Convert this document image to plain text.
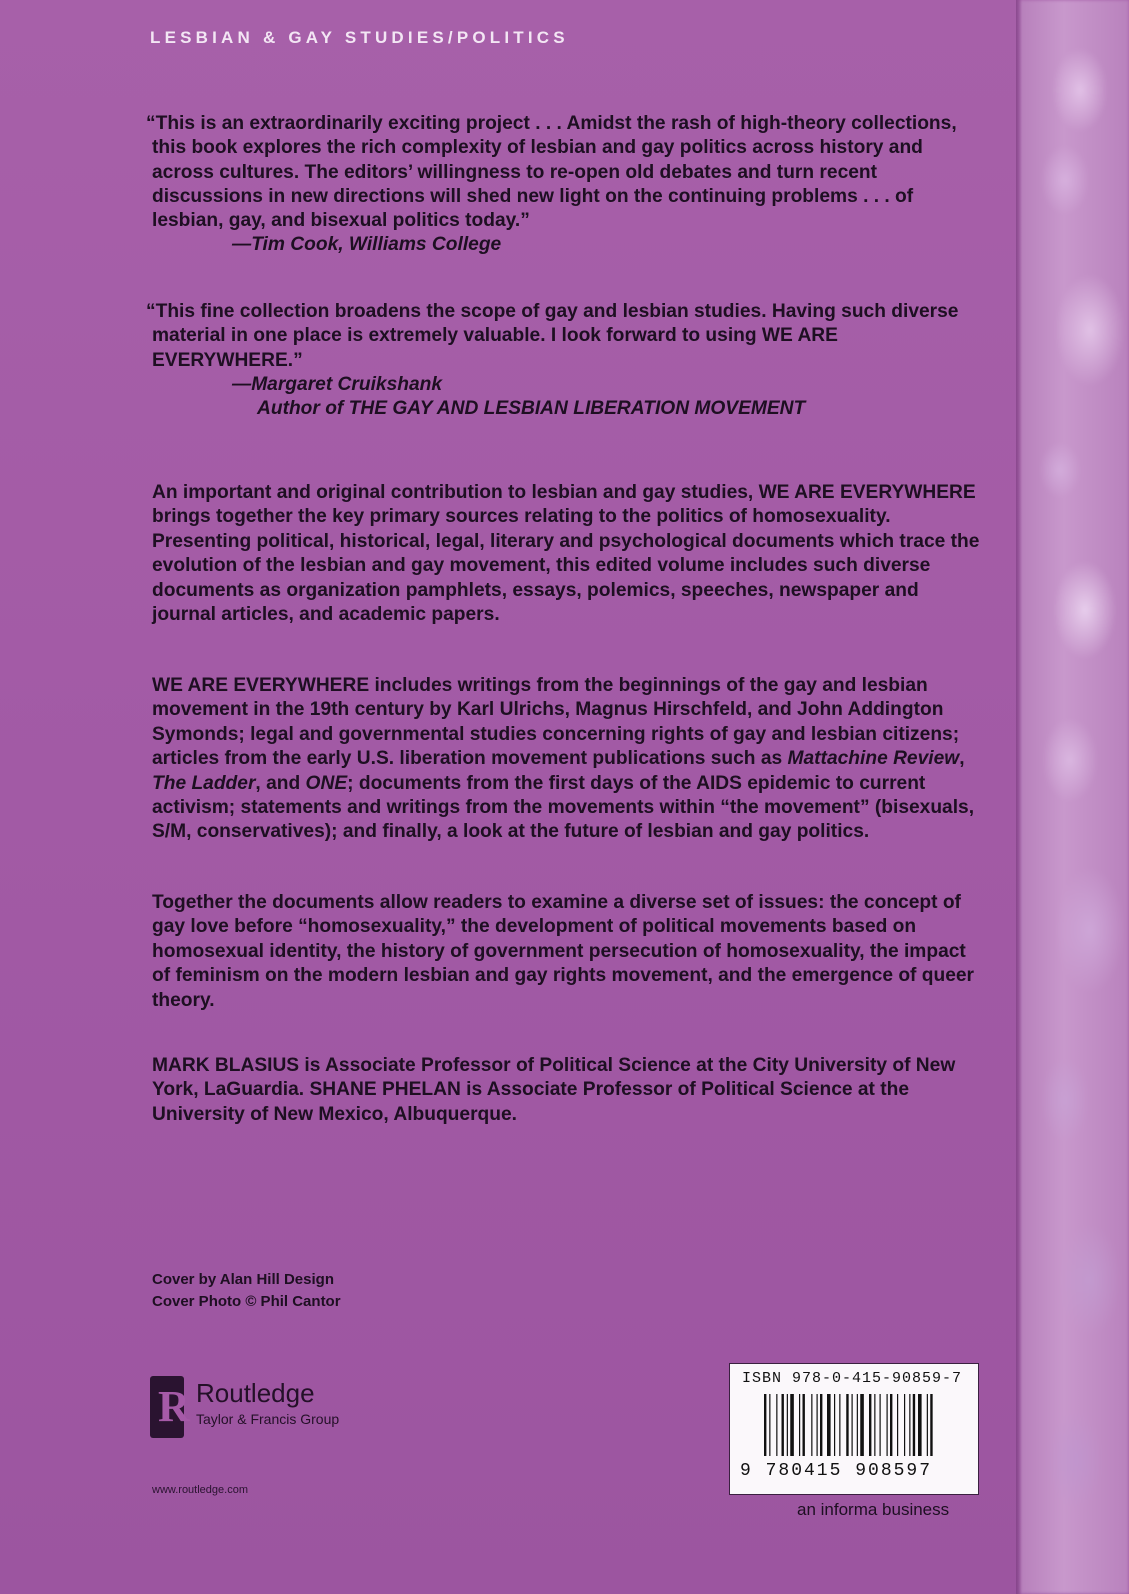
LESBIAN & GAY STUDIES/POLITICS

“This is an extraordinarily exciting project . . . Amidst the rash of high-theory collections, this book explores the rich complexity of lesbian and gay politics across history and across cultures. The editors’ willingness to re-open old debates and turn recent discussions in new directions will shed new light on the continuing problems . . . of lesbian, gay, and bisexual politics today.”

—Tim Cook, Williams College

“This fine collection broadens the scope of gay and lesbian studies. Having such diverse material in one place is extremely valuable. I look forward to using WE ARE EVERYWHERE.”

—Margaret Cruikshank

Author of THE GAY AND LESBIAN LIBERATION MOVEMENT

An important and original contribution to lesbian and gay studies, WE ARE EVERYWHERE brings together the key primary sources relating to the politics of homosexuality. Presenting political, historical, legal, literary and psychological documents which trace the evolution of the lesbian and gay movement, this edited volume includes such diverse documents as organization pamphlets, essays, polemics, speeches, newspaper and journal articles, and academic papers.

WE ARE EVERYWHERE includes writings from the beginnings of the gay and lesbian movement in the 19th century by Karl Ulrichs, Magnus Hirschfeld, and John Addington Symonds; legal and governmental studies concerning rights of gay and lesbian citizens; articles from the early U.S. liberation movement publications such as Mattachine Review, The Ladder, and ONE; documents from the first days of the AIDS epidemic to current activism; statements and writings from the movements within “the movement” (bisexuals, S/M, conservatives); and finally, a look at the future of lesbian and gay politics.

Together the documents allow readers to examine a diverse set of issues: the concept of gay love before “homosexuality,” the development of political movements based on homosexual identity, the history of government persecution of homosexuality, the impact of feminism on the modern lesbian and gay rights movement, and the emergence of queer theory.

MARK BLASIUS is Associate Professor of Political Science at the City University of New York, LaGuardia. SHANE PHELAN is Associate Professor of Political Science at the University of New Mexico, Albuquerque.

Cover by Alan Hill Design
Cover Photo © Phil Cantor
R Routledge
Taylor & Francis Group
www.routledge.com
ISBN 978-0-415-90859-7
9 780415 908597
an informa business
